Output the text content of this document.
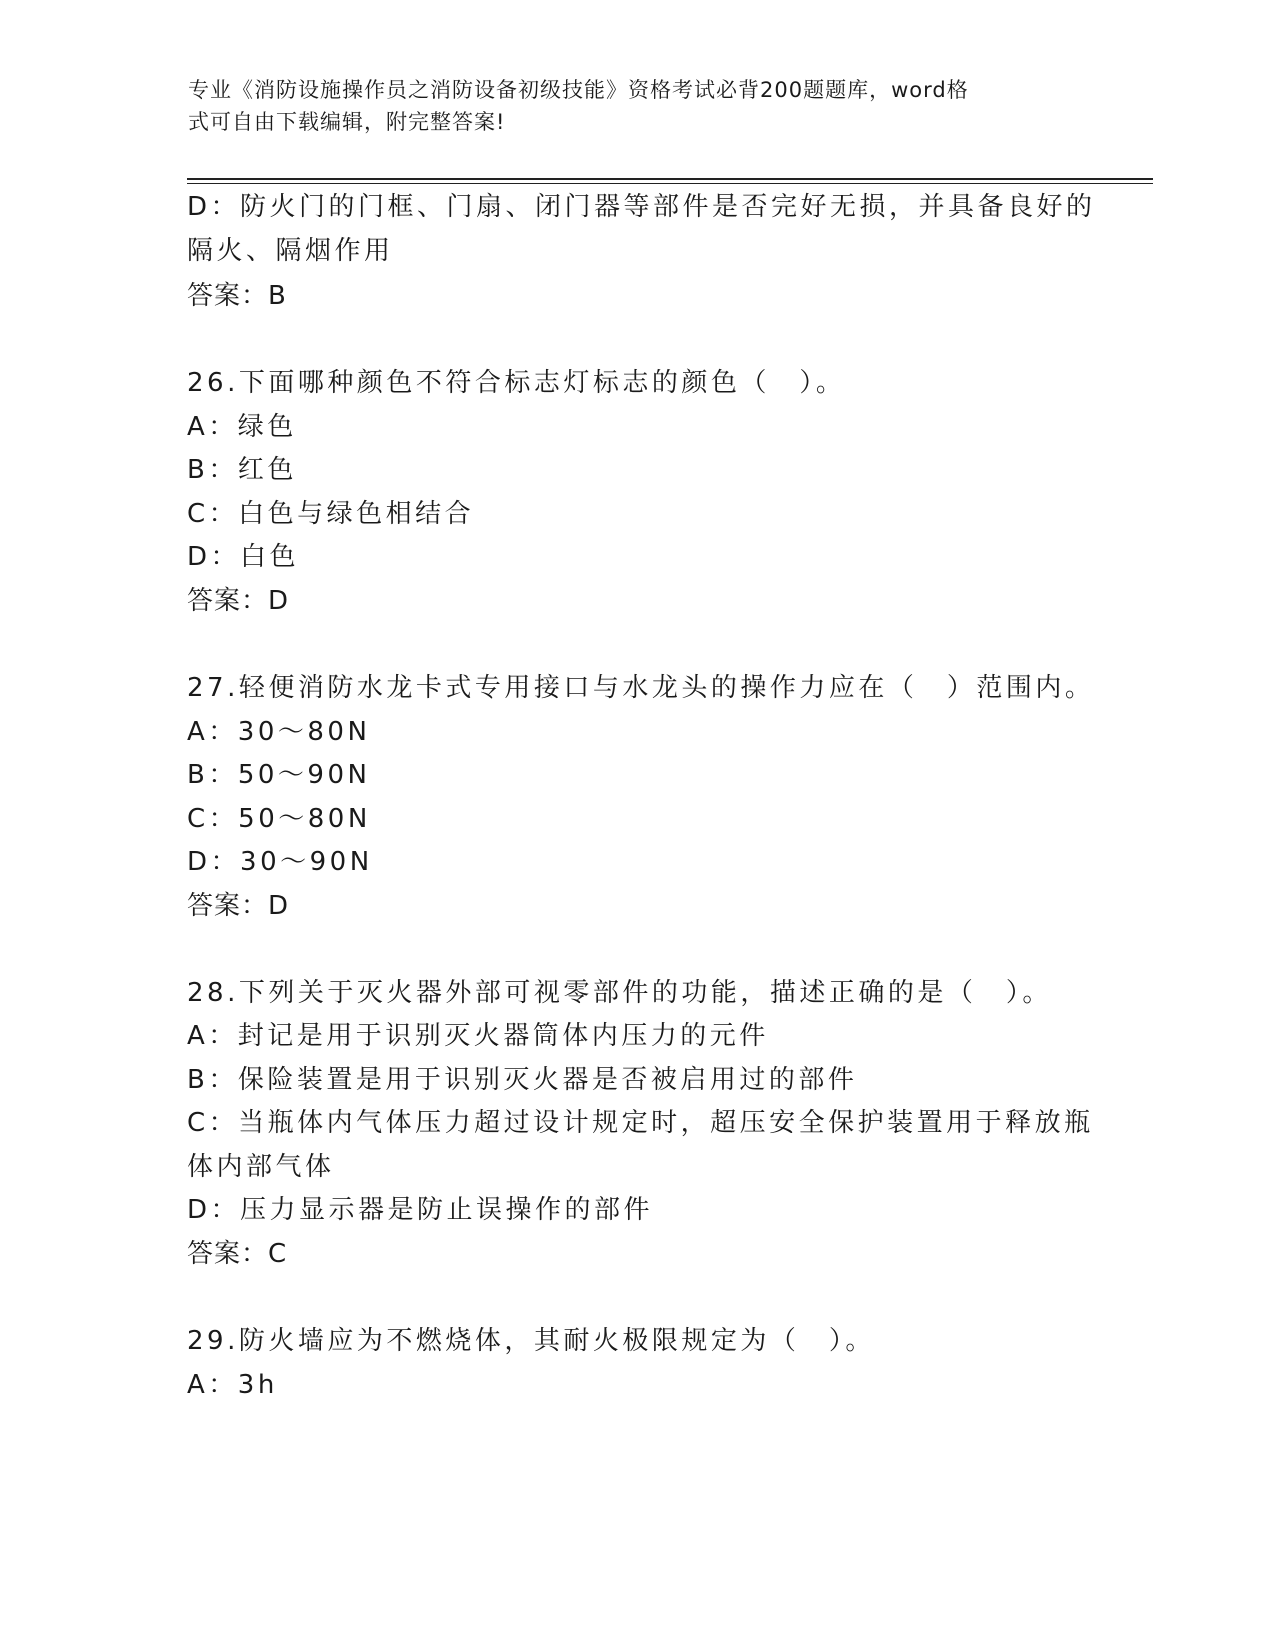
专业《消防设施操作员之消防设备初级技能》资格考试必背200题题库，word格
式可自由下载编辑，附完整答案!
D：防火门的门框、门扇、闭门器等部件是否完好无损，并具备良好的
隔火、隔烟作用
答案：B
26.下面哪种颜色不符合标志灯标志的颜色（　）。
A：绿色
B：红色
C：白色与绿色相结合
D：白色
答案：D
27.轻便消防水龙卡式专用接口与水龙头的操作力应在（　）范围内。
A：30～80N
B：50～90N
C：50～80N
D：30～90N
答案：D
28.下列关于灭火器外部可视零部件的功能，描述正确的是（　）。
A：封记是用于识别灭火器筒体内压力的元件
B：保险装置是用于识别灭火器是否被启用过的部件
C：当瓶体内气体压力超过设计规定时，超压安全保护装置用于释放瓶
体内部气体
D：压力显示器是防止误操作的部件
答案：C
29.防火墙应为不燃烧体，其耐火极限规定为（　）。
A：3h
